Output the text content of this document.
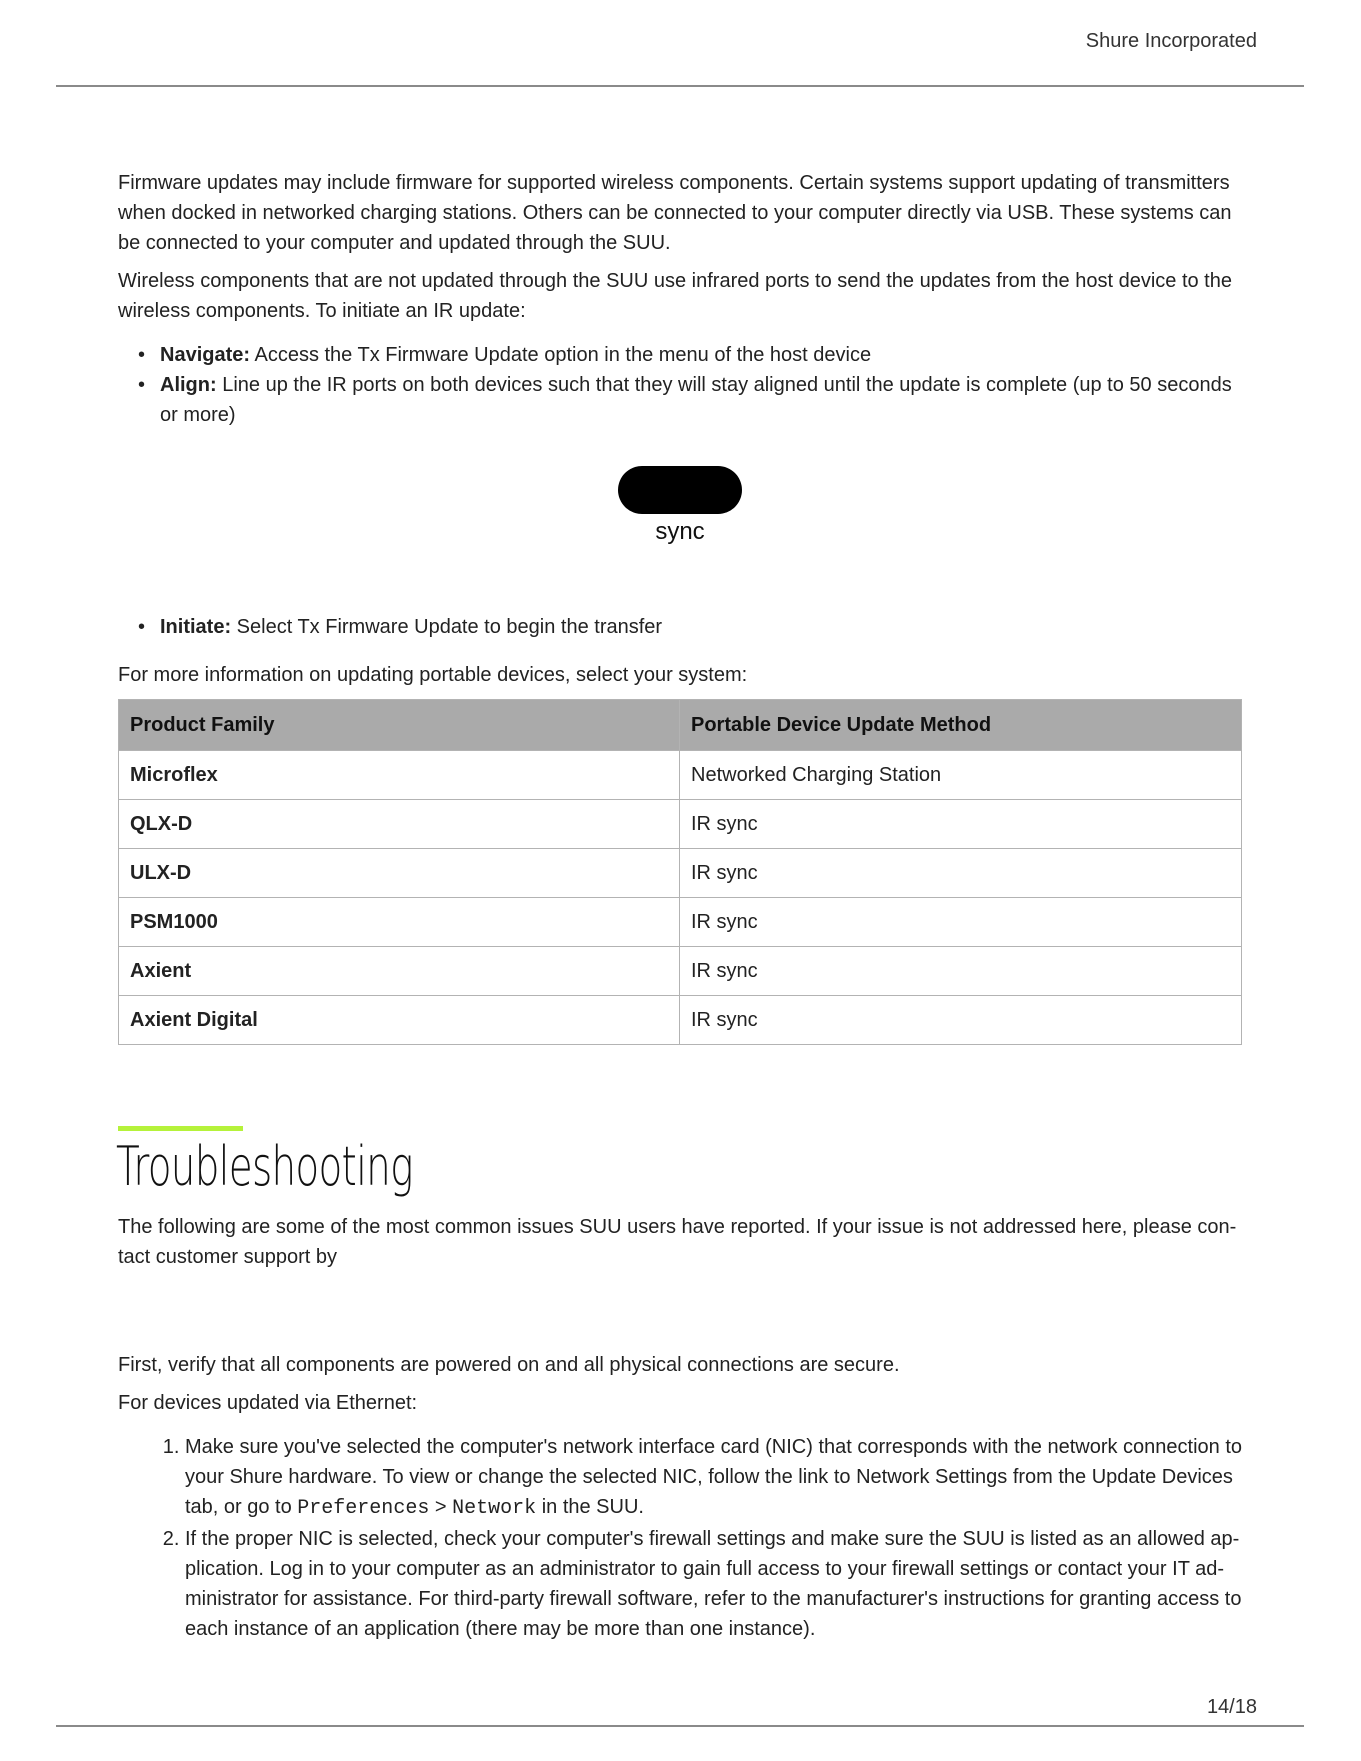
Shure Incorporated

Firmware updates may include firmware for supported wireless components. Certain systems support updating of transmitters when docked in networked charging stations. Others can be connected to your computer directly via USB. These systems can be connected to your computer and updated through the SUU.

Wireless components that are not updated through the SUU use infrared ports to send the updates from the host device to the wireless components. To initiate an IR update:

• Navigate: Access the Tx Firmware Update option in the menu of the host device
• Align: Line up the IR ports on both devices such that they will stay aligned until the update is complete (up to 50 seconds or more)
sync
• Initiate: Select Tx Firmware Update to begin the transfer

For more information on updating portable devices, select your system:

Product Family	Portable Device Update Method
Microflex	Networked Charging Station
QLX-D	IR sync
ULX-D	IR sync
PSM1000	IR sync
Axient	IR sync
Axient Digital	IR sync
Troubleshooting

The following are some of the most common issues SUU users have reported. If your issue is not addressed here, please con-tact customer support by

First, verify that all components are powered on and all physical connections are secure.

For devices updated via Ethernet:

1. Make sure you've selected the computer's network interface card (NIC) that corresponds with the network connection to your Shure hardware. To view or change the selected NIC, follow the link to Network Settings from the Update Devices tab, or go to Preferences > Network in the SUU.
2. If the proper NIC is selected, check your computer's firewall settings and make sure the SUU is listed as an allowed ap-plication. Log in to your computer as an administrator to gain full access to your firewall settings or contact your IT ad-ministrator for assistance. For third-party firewall software, refer to the manufacturer's instructions for granting access to each instance of an application (there may be more than one instance).
14/18
